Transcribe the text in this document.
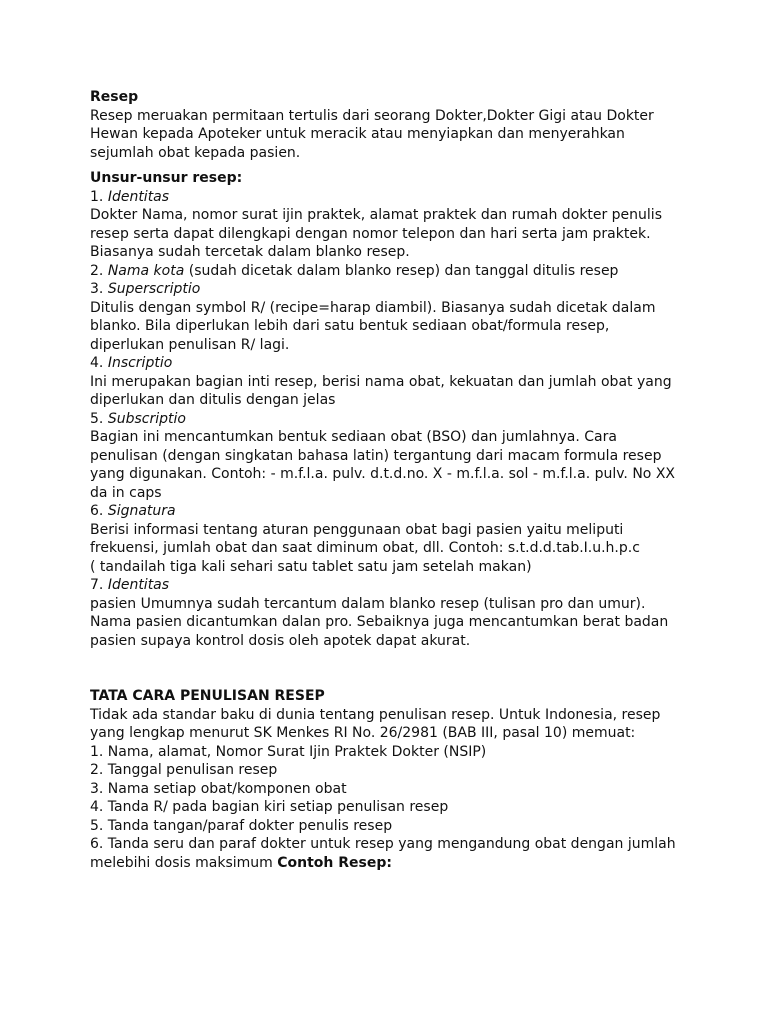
Resep
Resep meruakan permitaan tertulis dari seorang Dokter,Dokter Gigi atau Dokter
Hewan kepada Apoteker untuk meracik atau menyiapkan dan menyerahkan
sejumlah obat kepada pasien.
Unsur-unsur resep:
1. Identitas
Dokter Nama, nomor surat ijin praktek, alamat praktek dan rumah dokter penulis
resep serta dapat dilengkapi dengan nomor telepon dan hari serta jam praktek.
Biasanya sudah tercetak dalam blanko resep.
2. Nama kota (sudah dicetak dalam blanko resep) dan tanggal ditulis resep
3. Superscriptio
Ditulis dengan symbol R/ (recipe=harap diambil). Biasanya sudah dicetak dalam
blanko. Bila diperlukan lebih dari satu bentuk sediaan obat/formula resep,
diperlukan penulisan R/ lagi.
4. Inscriptio
Ini merupakan bagian inti resep, berisi nama obat, kekuatan dan jumlah obat yang
diperlukan dan ditulis dengan jelas
5. Subscriptio
Bagian ini mencantumkan bentuk sediaan obat (BSO) dan jumlahnya. Cara
penulisan (dengan singkatan bahasa latin) tergantung dari macam formula resep
yang digunakan. Contoh: - m.f.l.a. pulv. d.t.d.no. X - m.f.l.a. sol - m.f.l.a. pulv. No XX
da in caps
6. Signatura
Berisi informasi tentang aturan penggunaan obat bagi pasien yaitu meliputi
frekuensi, jumlah obat dan saat diminum obat, dll. Contoh: s.t.d.d.tab.I.u.h.p.c
( tandailah tiga kali sehari satu tablet satu jam setelah makan)
7. Identitas
pasien Umumnya sudah tercantum dalam blanko resep (tulisan pro dan umur).
Nama pasien dicantumkan dalan pro. Sebaiknya juga mencantumkan berat badan
pasien supaya kontrol dosis oleh apotek dapat akurat.
TATA CARA PENULISAN RESEP
Tidak ada standar baku di dunia tentang penulisan resep. Untuk Indonesia, resep
yang lengkap menurut SK Menkes RI No. 26/2981 (BAB III, pasal 10) memuat:
1. Nama, alamat, Nomor Surat Ijin Praktek Dokter (NSIP)
2. Tanggal penulisan resep
3. Nama setiap obat/komponen obat
4. Tanda R/ pada bagian kiri setiap penulisan resep
5. Tanda tangan/paraf dokter penulis resep
6. Tanda seru dan paraf dokter untuk resep yang mengandung obat dengan jumlah
melebihi dosis maksimum Contoh Resep:
